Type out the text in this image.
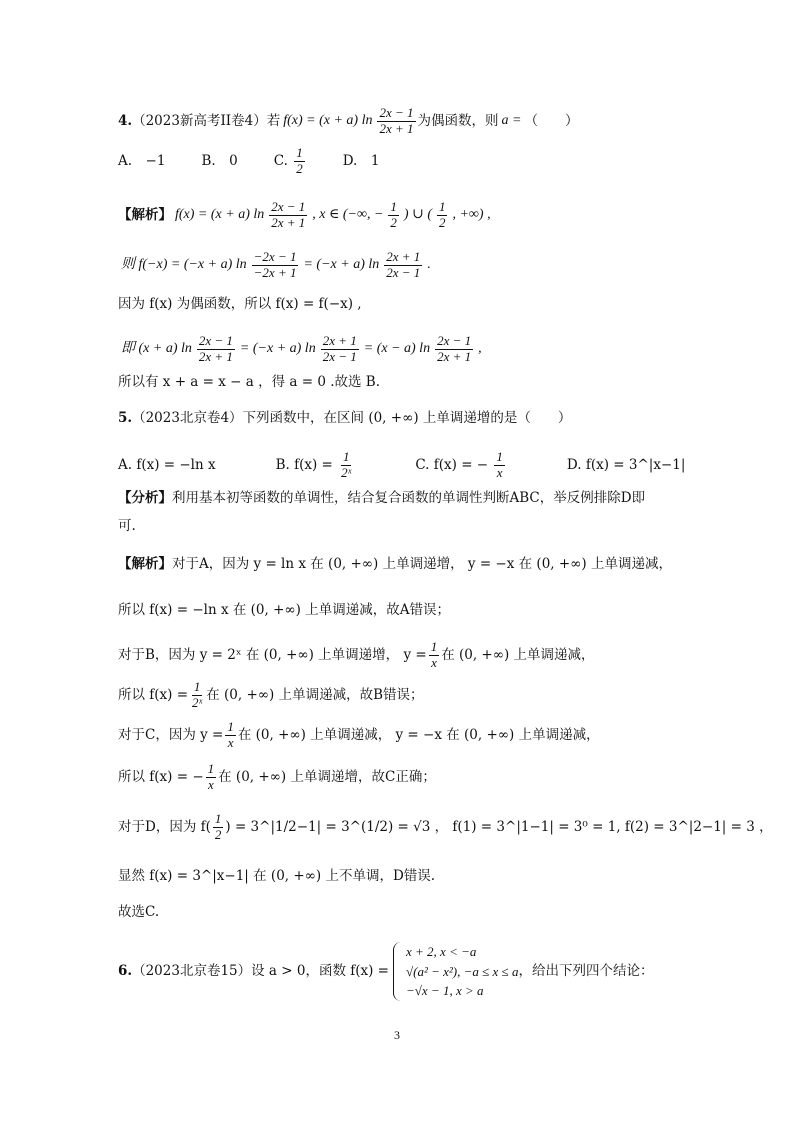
4. （2023新高考II卷4）若 f(x) = (x + a) $\ln \frac{2x - 1}{2x + 1}$ 为偶函数，则 a = （　　）
A.　−1	B.　0	C. $\frac{1}{2}$	D.　1
【解析】 f(x) = (x + a) $\ln \frac{2x - 1}{2x + 1}$ , x ∈ (−∞, − $\frac{1}{2}$ ) ∪ ( $\frac{1}{2}$ , +∞) ,
则 f(−x) = (−x + a) $\ln \frac{-2x - 1}{-2x + 1} = (-x + a)$ $\ln \frac{2x + 1}{2x - 1}$ .
因为 f(x) 为偶函数，所以 f(x) = f(−x) ,
即 (x + a) $\ln \frac{2x - 1}{2x + 1} = (-x + a)$ $\ln \frac{2x + 1}{2x - 1} = (x - a)$ $\ln \frac{2x - 1}{2x + 1}$ ,
所以有 x + a = x − a ，得 a = 0 .故选 B.
5. （2023北京卷4）下列函数中，在区间 (0, +∞) 上单调递增的是（　　）
A. f(x) = −ln x	B. $f(x) = \frac{1}{\text{2ˣ}}$	C. f(x) = − $\frac{1}{x}$	D. f(x) = 3^|x−1|
【分析】 利用基本初等函数的单调性，结合复合函数的单调性判断ABC，举反例排除D即
可.
【解析】 对于A，因为 y = ln x 在 (0, +∞) 上单调递增， y = −x 在 (0, +∞) 上单调递减，
所以 f(x) = −ln x 在 (0, +∞) 上单调递减，故A错误；
对于B，因为 y = 2ˣ 在 (0, +∞) 上单调递增， $y = \frac{1}{x}$ 在 (0, +∞) 上单调递减，
所以 $f(x) = \frac{1}{\text{2ˣ}}$ 在 (0, +∞) 上单调递减，故B错误；
对于C，因为 $y = \frac{1}{x}$ 在 (0, +∞) 上单调递减， y = −x 在 (0, +∞) 上单调递减，
所以 f(x) = − $\frac{1}{x}$ 在 (0, +∞) 上单调递增，故C正确；
对于D，因为 $f( \frac{1}{2}$ ) = 3^|1/2−1| = 3^(1/2) = √3 ， f(1) = 3^|1−1| = 3⁰ = 1, f(2) = 3^|2−1| = 3 ，
显然 f(x) = 3^|x−1| 在 (0, +∞) 上不单调，D错误.
故选C.
6. （2023北京卷15）设 a > 0，函数 f(x) =
x + 2, x < −a
√(a² − x²), −a ≤ x ≤ a
−√x − 1, x > a
，给出下列四个结论：
3
